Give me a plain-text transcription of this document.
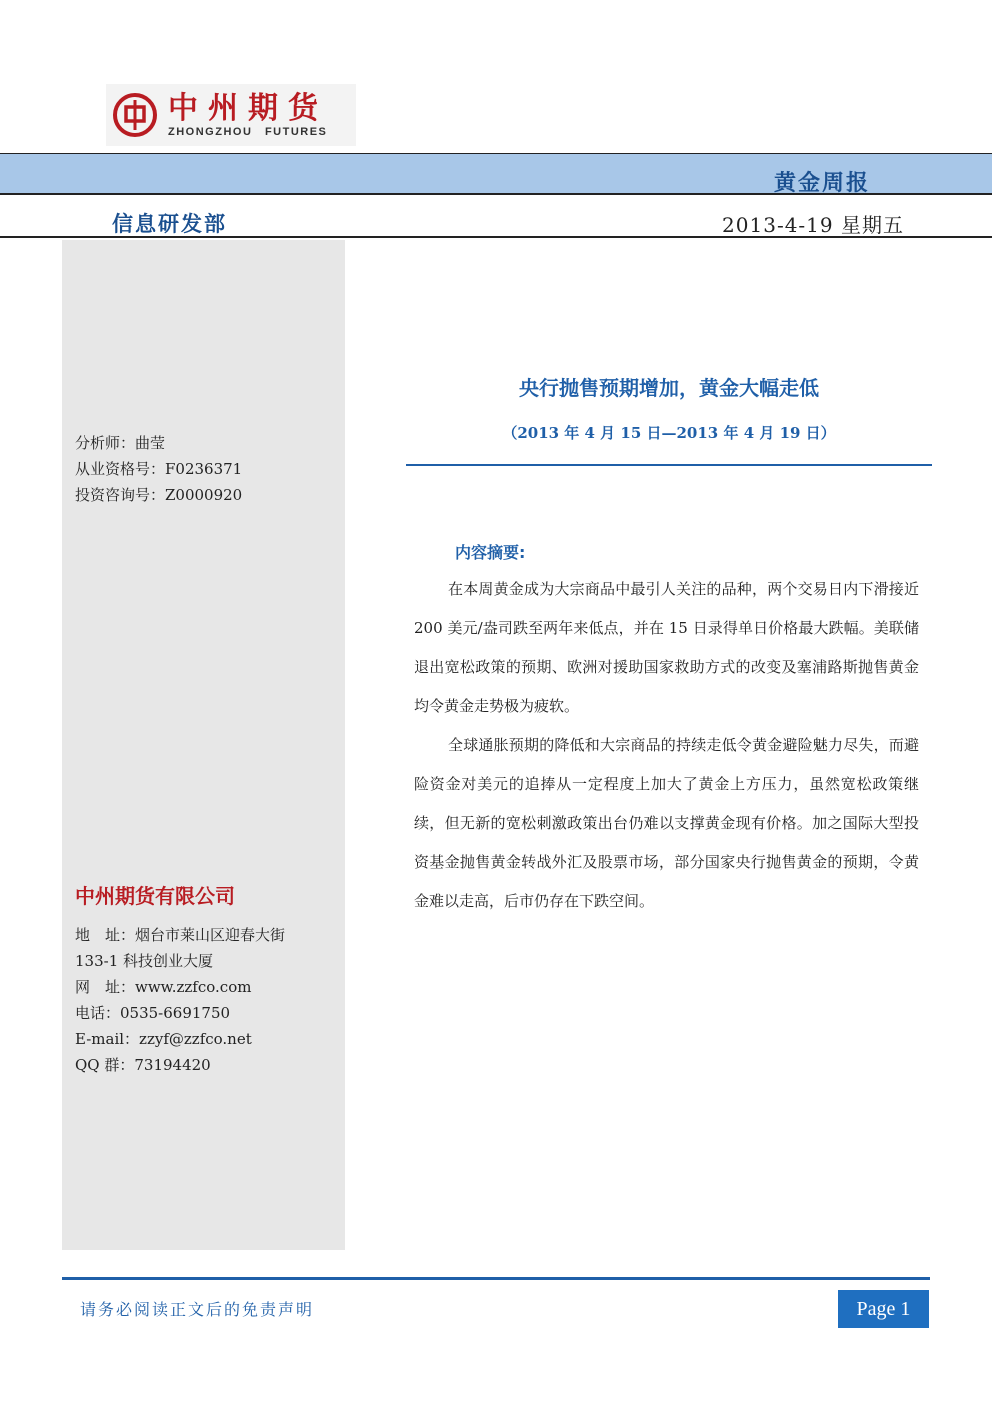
中州期货
ZHONGZHOU FUTURES
黄金周报
信息研发部	2013-4-19 星期五
分析师：曲莹
从业资格号：F0236371
投资咨询号：Z0000920
中州期货有限公司
地　址：烟台市莱山区迎春大街
133-1 科技创业大厦
网　址：www.zzfco.com
电话：0535-6691750
E-mail：zzyf@zzfco.net
QQ 群：73194420
央行抛售预期增加，黄金大幅走低
（2013 年 4 月 15 日—2013 年 4 月 19 日）
内容摘要:

在本周黄金成为大宗商品中最引人关注的品种，两个交易日内下滑接近 200 美元/盎司跌至两年来低点，并在 15 日录得单日价格最大跌幅。美联储退出宽松政策的预期、欧洲对援助国家救助方式的改变及塞浦路斯抛售黄金均令黄金走势极为疲软。

全球通胀预期的降低和大宗商品的持续走低令黄金避险魅力尽失，而避险资金对美元的追捧从一定程度上加大了黄金上方压力，虽然宽松政策继续，但无新的宽松刺激政策出台仍难以支撑黄金现有价格。加之国际大型投资基金抛售黄金转战外汇及股票市场，部分国家央行抛售黄金的预期，令黄金难以走高，后市仍存在下跌空间。

请务必阅读正文后的免责声明	Page 1
